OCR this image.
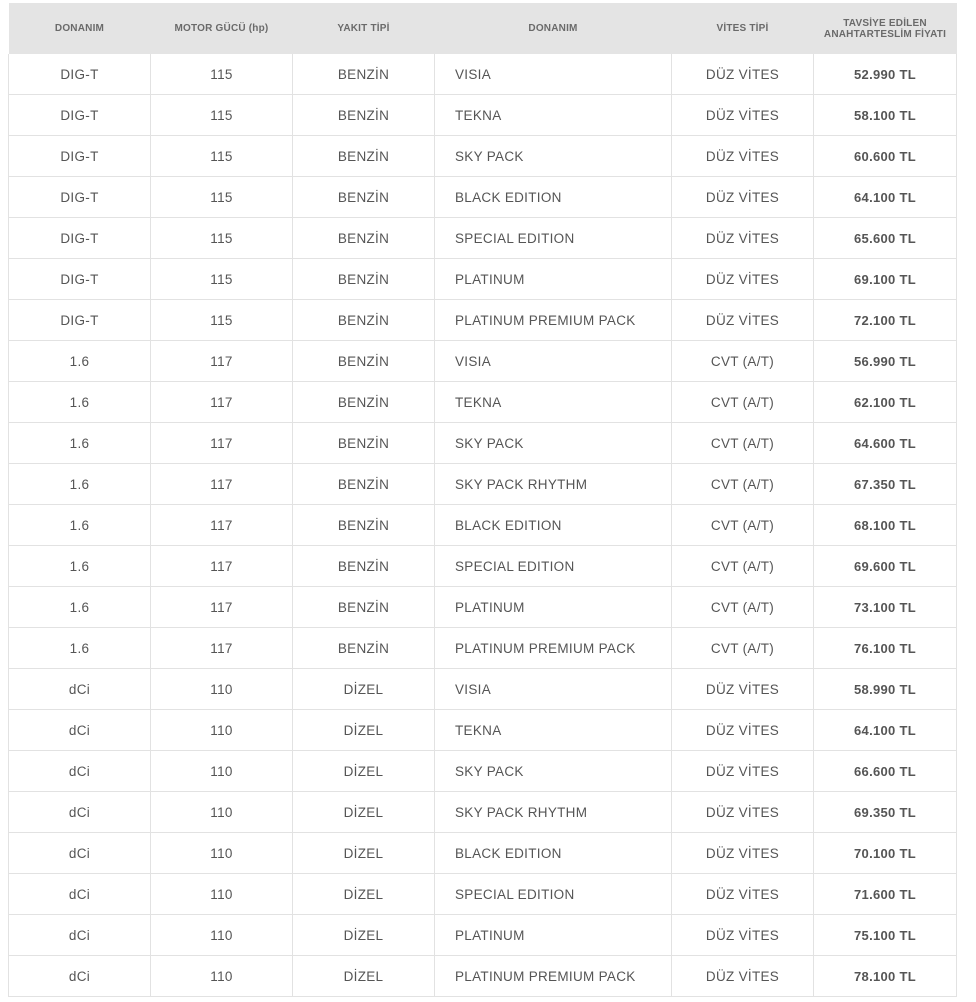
DONANIM	MOTOR GÜCÜ (hp)	YAKIT TİPİ	DONANIM	VİTES TİPİ	TAVSİYE EDİLEN
ANAHTARTESLİM FİYATI
DIG-T	115	BENZİN	VISIA	DÜZ VİTES	52.990 TL
DIG-T	115	BENZİN	TEKNA	DÜZ VİTES	58.100 TL
DIG-T	115	BENZİN	SKY PACK	DÜZ VİTES	60.600 TL
DIG-T	115	BENZİN	BLACK EDITION	DÜZ VİTES	64.100 TL
DIG-T	115	BENZİN	SPECIAL EDITION	DÜZ VİTES	65.600 TL
DIG-T	115	BENZİN	PLATINUM	DÜZ VİTES	69.100 TL
DIG-T	115	BENZİN	PLATINUM PREMIUM PACK	DÜZ VİTES	72.100 TL
1.6	117	BENZİN	VISIA	CVT (A/T)	56.990 TL
1.6	117	BENZİN	TEKNA	CVT (A/T)	62.100 TL
1.6	117	BENZİN	SKY PACK	CVT (A/T)	64.600 TL
1.6	117	BENZİN	SKY PACK RHYTHM	CVT (A/T)	67.350 TL
1.6	117	BENZİN	BLACK EDITION	CVT (A/T)	68.100 TL
1.6	117	BENZİN	SPECIAL EDITION	CVT (A/T)	69.600 TL
1.6	117	BENZİN	PLATINUM	CVT (A/T)	73.100 TL
1.6	117	BENZİN	PLATINUM PREMIUM PACK	CVT (A/T)	76.100 TL
dCi	110	DİZEL	VISIA	DÜZ VİTES	58.990 TL
dCi	110	DİZEL	TEKNA	DÜZ VİTES	64.100 TL
dCi	110	DİZEL	SKY PACK	DÜZ VİTES	66.600 TL
dCi	110	DİZEL	SKY PACK RHYTHM	DÜZ VİTES	69.350 TL
dCi	110	DİZEL	BLACK EDITION	DÜZ VİTES	70.100 TL
dCi	110	DİZEL	SPECIAL EDITION	DÜZ VİTES	71.600 TL
dCi	110	DİZEL	PLATINUM	DÜZ VİTES	75.100 TL
dCi	110	DİZEL	PLATINUM PREMIUM PACK	DÜZ VİTES	78.100 TL
